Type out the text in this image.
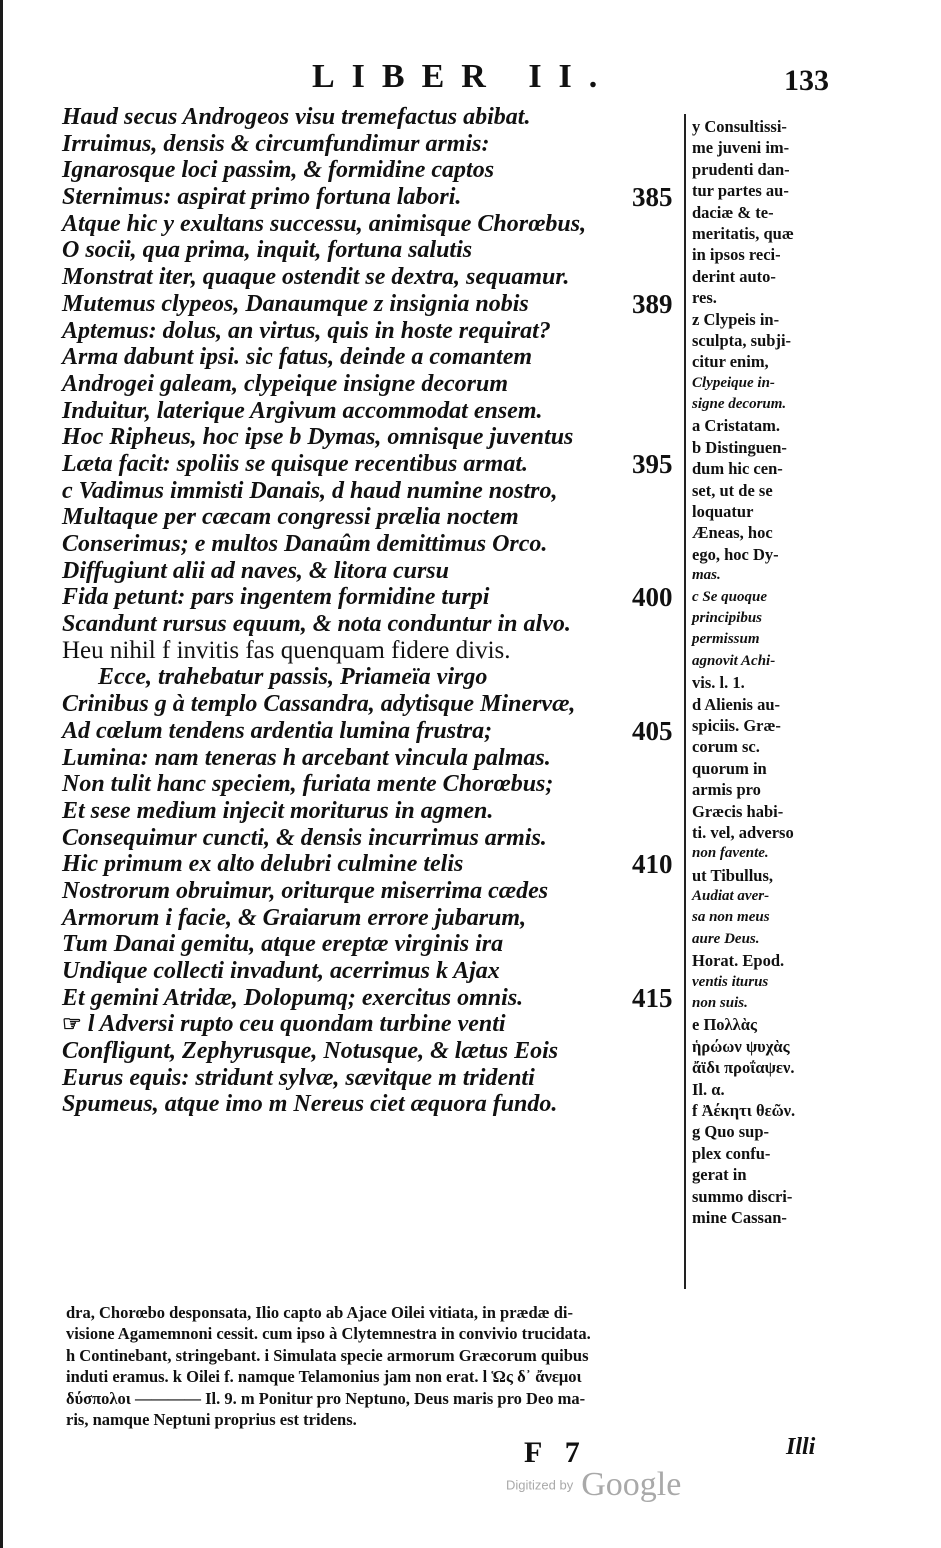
LIBER II.	133
Haud secus Androgeos visu tremefactus abibat.
Irruimus, densis & circumfundimur armis:
Ignarosque loci passim, & formidine captos
Sternimus: aspirat primo fortuna labori.	385
Atque hic y exultans successu, animisque Chorœbus,
O socii, qua prima, inquit, fortuna salutis
Monstrat iter, quaque ostendit se dextra, sequamur.
Mutemus clypeos, Danaumque z insignia nobis	389
Aptemus: dolus, an virtus, quis in hoste requirat?
Arma dabunt ipsi. sic fatus, deinde a comantem
Androgei galeam, clypeique insigne decorum
Induitur, laterique Argivum accommodat ensem.
Hoc Ripheus, hoc ipse b Dymas, omnisque juventus
Læta facit: spoliis se quisque recentibus armat.	395
c Vadimus immisti Danais, d haud numine nostro,
Multaque per cæcam congressi prælia noctem
Conserimus; e multos Danaûm demittimus Orco.
Diffugiunt alii ad naves, & litora cursu
Fida petunt: pars ingentem formidine turpi	400
Scandunt rursus equum, & nota conduntur in alvo.
Heu nihil f invitis fas quenquam fidere divis.
Ecce, trahebatur passis, Priameïa virgo
Crinibus g à templo Cassandra, adytisque Minervæ,
Ad cœlum tendens ardentia lumina frustra;	405
Lumina: nam teneras h arcebant vincula palmas.
Non tulit hanc speciem, furiata mente Chorœbus;
Et sese medium injecit moriturus in agmen.
Consequimur cuncti, & densis incurrimus armis.
Hic primum ex alto delubri culmine telis	410
Nostrorum obruimur, oriturque miserrima cædes
Armorum i facie, & Graiarum errore jubarum,
Tum Danai gemitu, atque ereptæ virginis ira
Undique collecti invadunt, acerrimus k Ajax
Et gemini Atridæ, Dolopumq; exercitus omnis.	415
☞ l Adversi rupto ceu quondam turbine venti
Confligunt, Zephyrusque, Notusque, & lætus Eois
Eurus equis: stridunt sylvæ, sævitque m tridenti
Spumeus, atque imo m Nereus ciet æquora fundo.
y Consultissi-
me juveni im-
prudenti dan-
tur partes au-
daciæ & te-
meritatis, quæ
in ipsos reci-
derint auto-
res.
z Clypeis in-
sculpta, subji-
citur enim,
Clypeique in-
signe decorum.
a Cristatam.
b Distinguen-
dum hic cen-
set, ut de se
loquatur
Æneas, hoc
ego, hoc Dy-
mas.
c Se quoque
principibus
permissum
agnovit Achi-
vis. l. 1.
d Alienis au-
spiciis. Græ-
corum sc.
quorum in
armis pro
Græcis habi-
ti. vel, adverso
non favente.
ut Tibullus,
Audiat aver-
sa non meus
aure Deus.
Horat. Epod.
ventis iturus
non suis.
e Πολλὰς
ἡρώων ψυχὰς
ἄϊδι προΐαψεν.
Il. α.
f Ἀέκητι θεῶν.
g Quo sup-
plex confu-
gerat in
summo discri-
mine Cassan-
dra, Chorœbo desponsata, Ilio capto ab Ajace Oilei vitiata, in prædæ di-
visione Agamemnoni cessit. cum ipso à Clytemnestra in convivio trucidata.
h Continebant, stringebant. i Simulata specie armorum Græcorum quibus
induti eramus. k Oilei f. namque Telamonius jam non erat. l Ὡς δ᾽ ἄνεμοι
δύσπολοι ———— Il. 9. m Ponitur pro Neptuno, Deus maris pro Deo ma-
ris, namque Neptuni proprius est tridens.
F 7	Illi
Digitized by Google
